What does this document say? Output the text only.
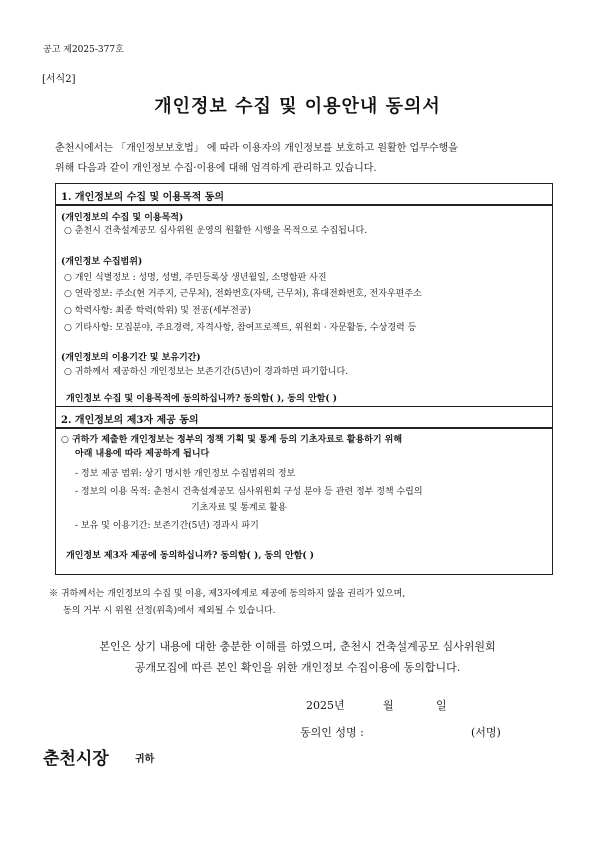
공고 제2025-377호
[서식2]
개인정보 수집 및 이용안내 동의서
춘천시에서는 「개인정보보호법」 에 따라 이용자의 개인정보를 보호하고 원활한 업무수행을
위해 다음과 같이 개인정보 수집·이용에 대해 엄격하게 관리하고 있습니다.
1. 개인정보의 수집 및 이용목적 동의
(개인정보의 수집 및 이용목적)
○ 춘천시 건축설계공모 심사위원 운영의 원활한 시행을 목적으로 수집됩니다.
(개인정보 수집범위)
○ 개인 식별정보 : 성명, 성별, 주민등록상 생년월일, 소명함판 사진
○ 연락정보: 주소(현 거주지, 근무처), 전화번호(자택, 근무처), 휴대전화번호, 전자우편주소
○ 학력사항: 최종 학력(학위) 및 전공(세부전공)
○ 기타사항: 모집분야, 주요경력, 자격사항, 참여프로젝트, 위원회 · 자문활동, 수상경력 등
(개인정보의 이용기간 및 보유기간)
○ 귀하께서 제공하신 개인정보는 보존기간(5년)이 경과하면 파기합니다.
개인정보 수집 및 이용목적에 동의하십니까? 동의함( ), 동의 안함( )
2. 개인정보의 제3자 제공 동의
○ 귀하가 제출한 개인정보는 정부의 정책 기획 및 통계 등의 기초자료로 활용하기 위해
아래 내용에 따라 제공하게 됩니다
- 정보 제공 범위: 상기 명시한 개인정보 수집범위의 정보
- 정보의 이용 목적: 춘천시 건축설계공모 심사위원회 구성 분야 등 관련 정부 정책 수립의
기초자료 및 통계로 활용
- 보유 및 이용기간: 보존기간(5년) 경과시 파기
개인정보 제3자 제공에 동의하십니까? 동의함( ), 동의 안함( )
※ 귀하께서는 개인정보의 수집 및 이용, 제3자에게로 제공에 동의하지 않을 권리가 있으며,
동의 거부 시 위원 선정(위촉)에서 제외될 수 있습니다.
본인은 상기 내용에 대한 충분한 이해를 하였으며, 춘천시 건축설계공모 심사위원회
공개모집에 따른 본인 확인을 위한 개인정보 수집이용에 동의합니다.
2025년	월	일
동의인 성명 :	(서명)
춘천시장	귀하
